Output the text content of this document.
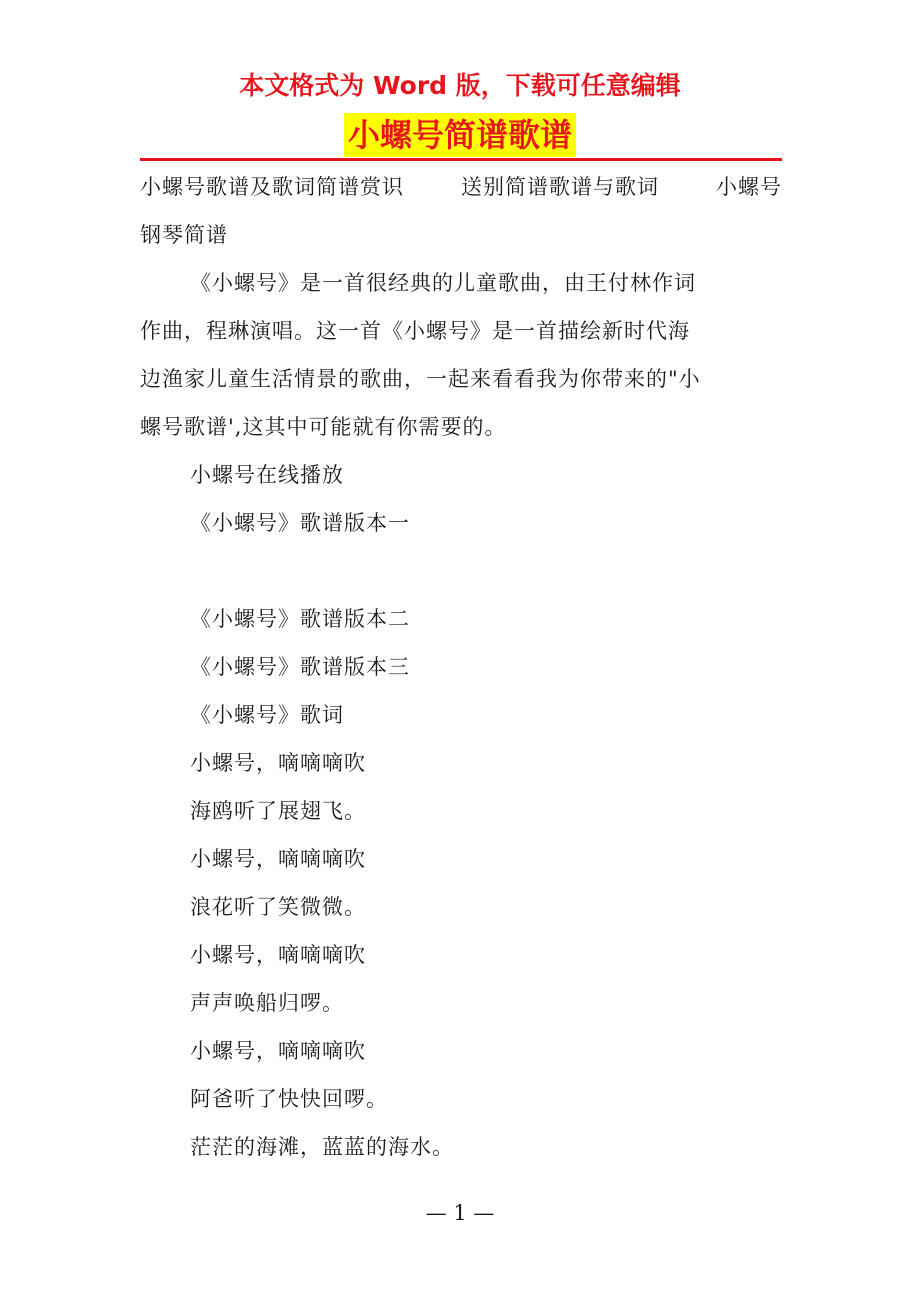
本文格式为 Word 版，下载可任意编辑
小螺号简谱歌谱
小螺号歌谱及歌词简谱赏识	送别简谱歌谱与歌词	小螺号
钢琴简谱
《小螺号》是一首很经典的儿童歌曲，由王付林作词
作曲，程琳演唱。这一首《小螺号》是一首描绘新时代海
边渔家儿童生活情景的歌曲，一起来看看我为你带来的"小
螺号歌谱',这其中可能就有你需要的。
小螺号在线播放
《小螺号》歌谱版本一
《小螺号》歌谱版本二
《小螺号》歌谱版本三
《小螺号》歌词
小螺号，嘀嘀嘀吹
海鸥听了展翅飞。
小螺号，嘀嘀嘀吹
浪花听了笑微微。
小螺号，嘀嘀嘀吹
声声唤船归啰。
小螺号，嘀嘀嘀吹
阿爸听了快快回啰。
茫茫的海滩，蓝蓝的海水。
— 1 —
